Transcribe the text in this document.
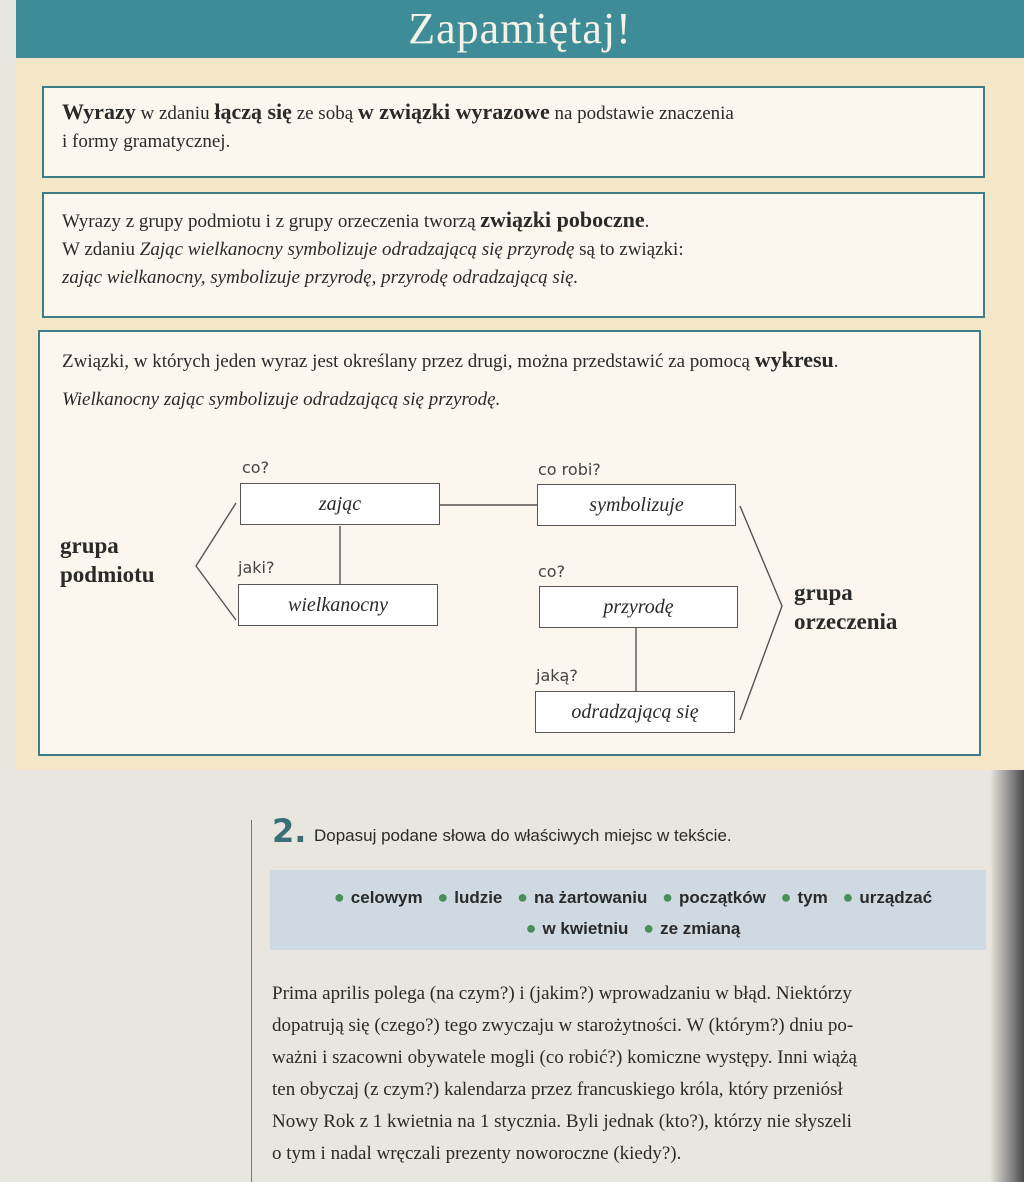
Zapamiętaj!
Wyrazy w zdaniu łączą się ze sobą w związki wyrazowe na podstawie znaczenia
i formy gramatycznej.
Wyrazy z grupy podmiotu i z grupy orzeczenia tworzą związki poboczne.
W zdaniu Zając wielkanocny symbolizuje odradzającą się przyrodę są to związki:
zając wielkanocny, symbolizuje przyrodę, przyrodę odradzającą się.
Związki, w których jeden wyraz jest określany przez drugi, można przedstawić za pomocą wykresu.
Wielkanocny zając symbolizuje odradzającą się przyrodę.
co?
zając
jaki?
wielkanocny
co robi?
symbolizuje
co?
przyrodę
jaką?
odradzającą się
grupa
podmiotu
grupa
orzeczenia
2. Dopasuj podane słowa do właściwych miejsc w tekście.
● celowym ● ludzie ● na żartowaniu ● początków ● tym ● urządzać
● w kwietniu ● ze zmianą
Prima aprilis polega (na czym?) i (jakim?) wprowadzaniu w błąd. Niektórzy
dopatrują się (czego?) tego zwyczaju w starożytności. W (którym?) dniu po-
ważni i szacowni obywatele mogli (co robić?) komiczne występy. Inni wiążą
ten obyczaj (z czym?) kalendarza przez francuskiego króla, który przeniósł
Nowy Rok z 1 kwietnia na 1 stycznia. Byli jednak (kto?), którzy nie słyszeli
o tym i nadal wręczali prezenty noworoczne (kiedy?).
